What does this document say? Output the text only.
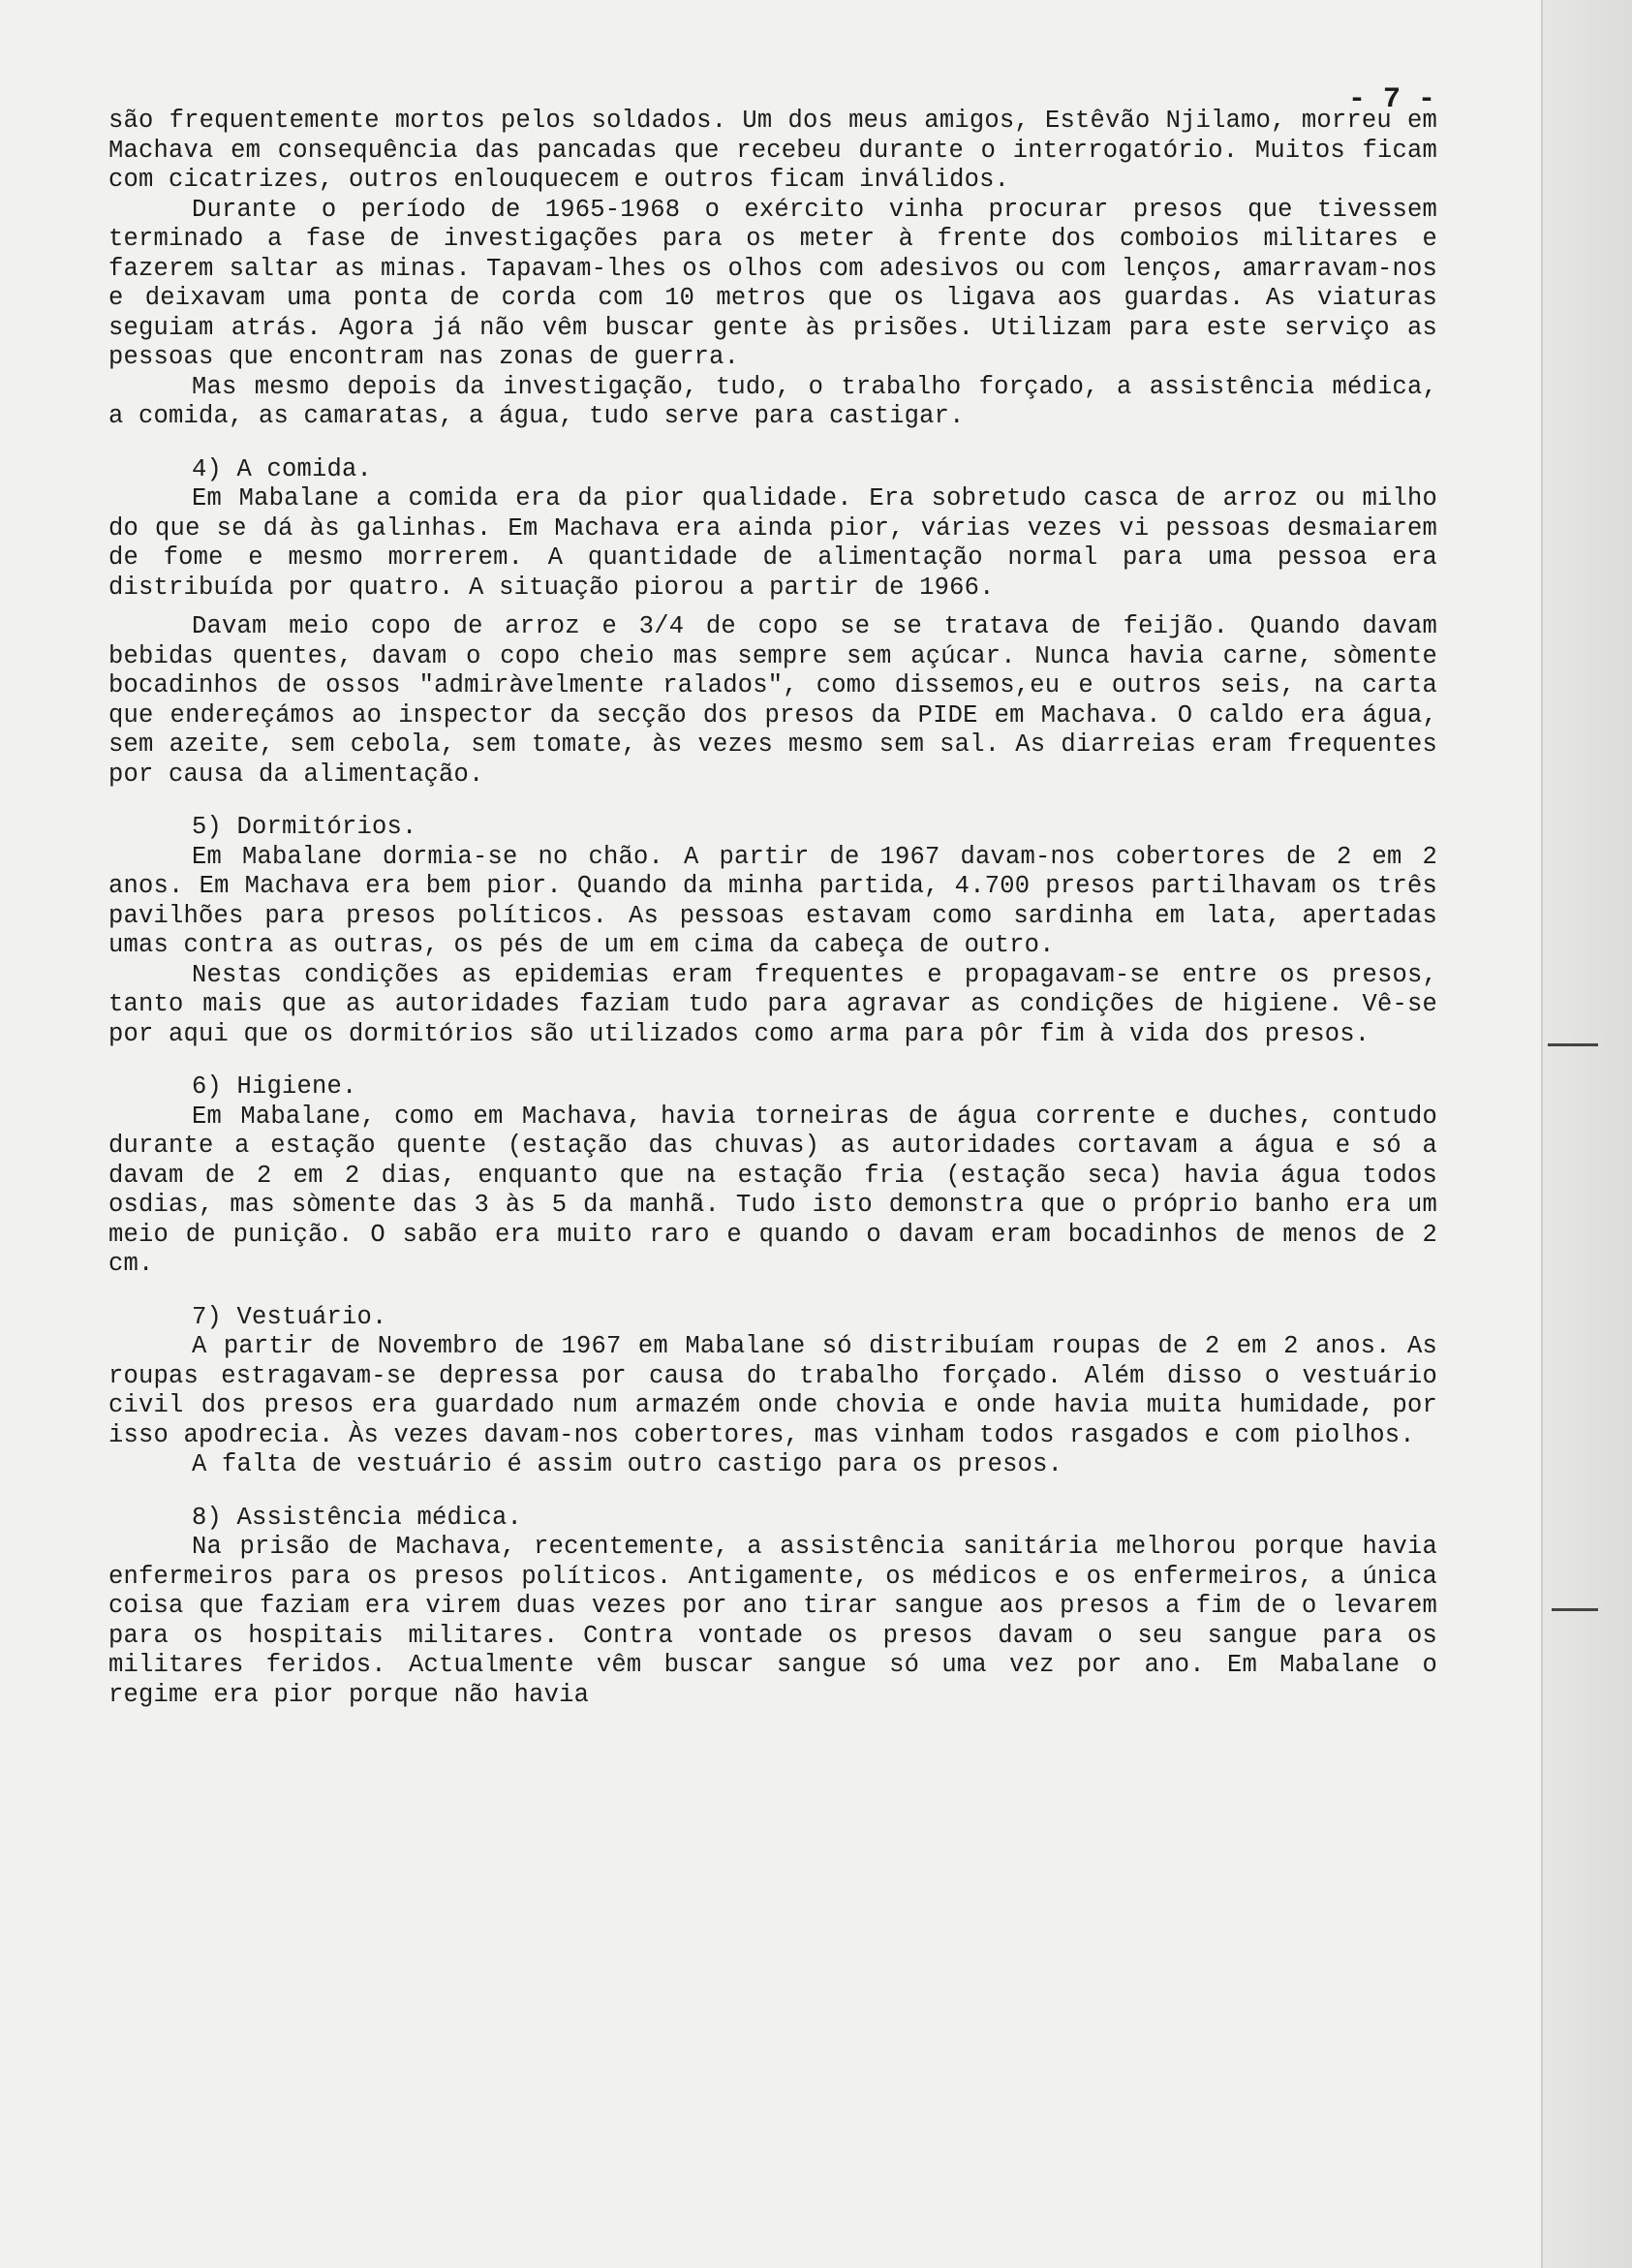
- 7 -

são frequentemente mortos pelos soldados. Um dos meus amigos, Estêvão Njilamo, morreu em Machava em consequência das pancadas que recebeu durante o interrogatório. Muitos ficam com cicatrizes, outros enlouquecem e outros ficam inválidos.

Durante o período de 1965-1968 o exército vinha procurar presos que tivessem terminado a fase de investigações para os meter à frente dos comboios militares e fazerem saltar as minas. Tapavam-lhes os olhos com adesivos ou com lenços, amarravam-nos e deixavam uma ponta de corda com 10 metros que os ligava aos guardas. As viaturas seguiam atrás. Agora já não vêm buscar gente às prisões. Utilizam para este serviço as pessoas que encontram nas zonas de guerra.

Mas mesmo depois da investigação, tudo, o trabalho forçado, a assistência médica, a comida, as camaratas, a água, tudo serve para castigar.

4) A comida.

Em Mabalane a comida era da pior qualidade. Era sobretudo casca de arroz ou milho do que se dá às galinhas. Em Machava era ainda pior, várias vezes vi pessoas desmaiarem de fome e mesmo morrerem. A quantidade de alimentação normal para uma pessoa era distribuída por quatro. A situação piorou a partir de 1966.

Davam meio copo de arroz e 3/4 de copo se se tratava de feijão. Quando davam bebidas quentes, davam o copo cheio mas sempre sem açúcar. Nunca havia carne, sòmente bocadinhos de ossos "admiràvelmente ralados", como dissemos,eu e outros seis, na carta que endereçámos ao inspector da secção dos presos da PIDE em Machava. O caldo era água, sem azeite, sem cebola, sem tomate, às vezes mesmo sem sal. As diarreias eram frequentes por causa da alimentação.

5) Dormitórios.

Em Mabalane dormia-se no chão. A partir de 1967 davam-nos cobertores de 2 em 2 anos. Em Machava era bem pior. Quando da minha partida, 4.700 presos partilhavam os três pavilhões para presos políticos. As pessoas estavam como sardinha em lata, apertadas umas contra as outras, os pés de um em cima da cabeça de outro.

Nestas condições as epidemias eram frequentes e propagavam-se entre os presos, tanto mais que as autoridades faziam tudo para agravar as condições de higiene. Vê-se por aqui que os dormitórios são utilizados como arma para pôr fim à vida dos presos.

6) Higiene.

Em Mabalane, como em Machava, havia torneiras de água corrente e duches, contudo durante a estação quente (estação das chuvas) as autoridades cortavam a água e só a davam de 2 em 2 dias, enquanto que na estação fria (estação seca) havia água todos osdias, mas sòmente das 3 às 5 da manhã. Tudo isto demonstra que o próprio banho era um meio de punição. O sabão era muito raro e quando o davam eram bocadinhos de menos de 2 cm.

7) Vestuário.

A partir de Novembro de 1967 em Mabalane só distribuíam roupas de 2 em 2 anos. As roupas estragavam-se depressa por causa do trabalho forçado. Além disso o vestuário civil dos presos era guardado num armazém onde chovia e onde havia muita humidade, por isso apodrecia. Às vezes davam-nos cobertores, mas vinham todos rasgados e com piolhos.

A falta de vestuário é assim outro castigo para os presos.

8) Assistência médica.

Na prisão de Machava, recentemente, a assistência sanitária melhorou porque havia enfermeiros para os presos políticos. Antigamente, os médicos e os enfermeiros, a única coisa que faziam era virem duas vezes por ano tirar sangue aos presos a fim de o levarem para os hospitais militares. Contra vontade os presos davam o seu sangue para os militares feridos. Actualmente vêm buscar sangue só uma vez por ano. Em Mabalane o regime era pior porque não havia
